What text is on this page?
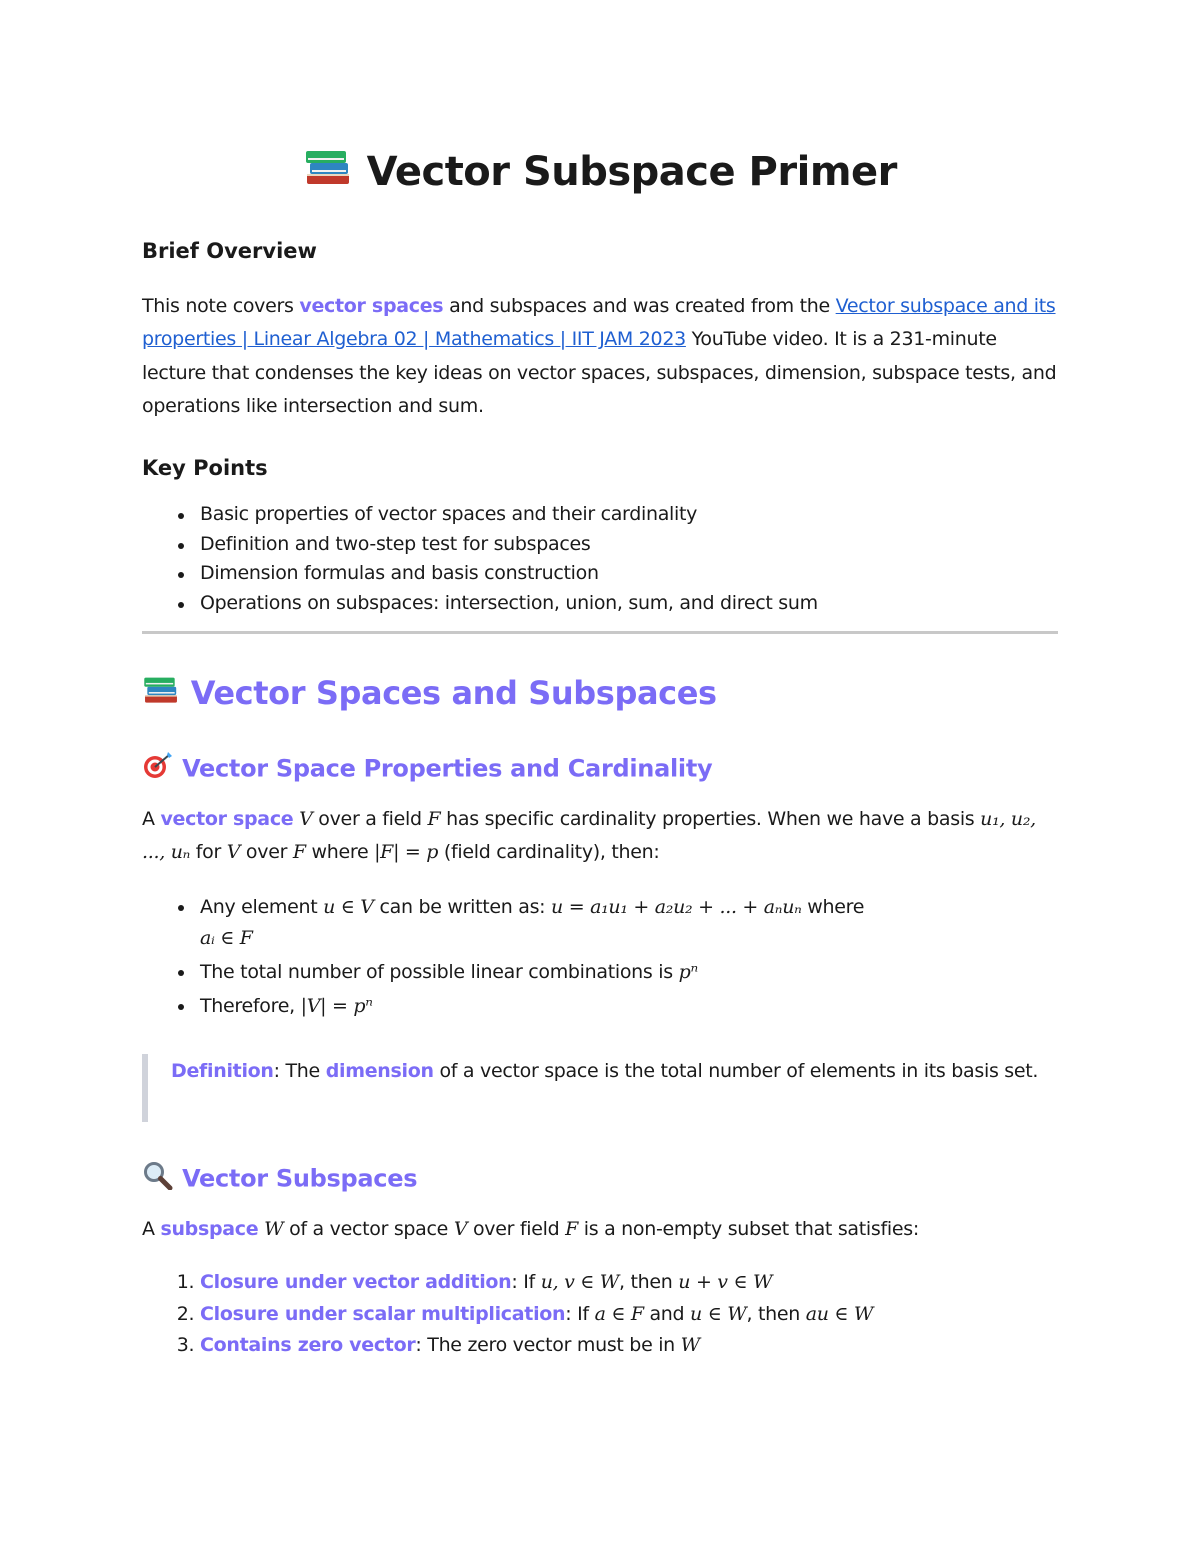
Vector Subspace Primer
Brief Overview

This note covers vector spaces and subspaces and was created from the Vector subspace and its properties | Linear Algebra 02 | Mathematics | IIT JAM 2023 YouTube video. It is a 231-minute lecture that condenses the key ideas on vector spaces, subspaces, dimension, subspace tests, and operations like intersection and sum.

Key Points
Basic properties of vector spaces and their cardinality
Definition and two-step test for subspaces
Dimension formulas and basis construction
Operations on subspaces: intersection, union, sum, and direct sum
Vector Spaces and Subspaces
Vector Space Properties and Cardinality

A vector space V over a field F has specific cardinality properties. When we have a basis u₁, u₂, ..., uₙ for V over F where |F| = p (field cardinality), then:

Any element u ∈ V can be written as: u = a₁u₁ + a₂u₂ + ... + aₙuₙ where
aᵢ ∈ F
The total number of possible linear combinations is pⁿ
Therefore, |V| = pⁿ
Definition: The dimension of a vector space is the total number of elements in its basis set.
Vector Subspaces

A subspace W of a vector space V over field F is a non-empty subset that satisfies:

1. Closure under vector addition: If u, v ∈ W, then u + v ∈ W
2. Closure under scalar multiplication: If a ∈ F and u ∈ W, then au ∈ W
3. Contains zero vector: The zero vector must be in W
